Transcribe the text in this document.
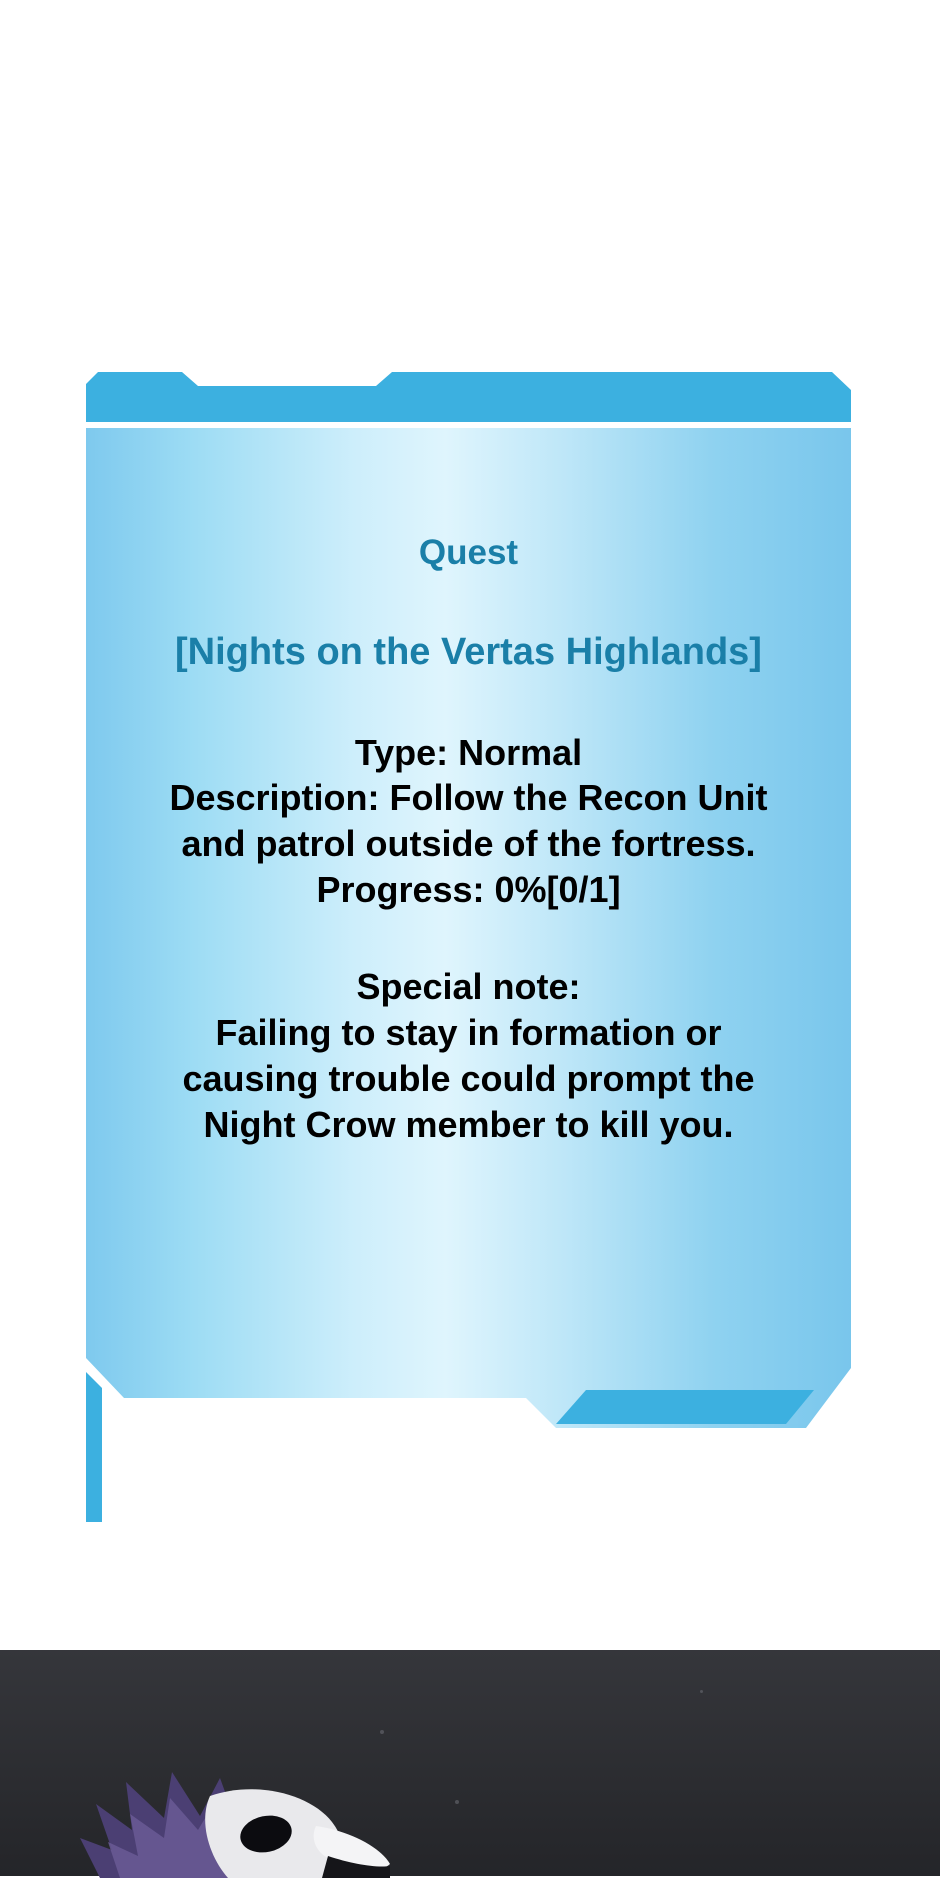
Quest
[Nights on the Vertas Highlands]
Type: Normal
Description: Follow the Recon Unit
and patrol outside of the fortress.
Progress: 0%[0/1]
Special note:
Failing to stay in formation or
causing trouble could prompt the
Night Crow member to kill you.
